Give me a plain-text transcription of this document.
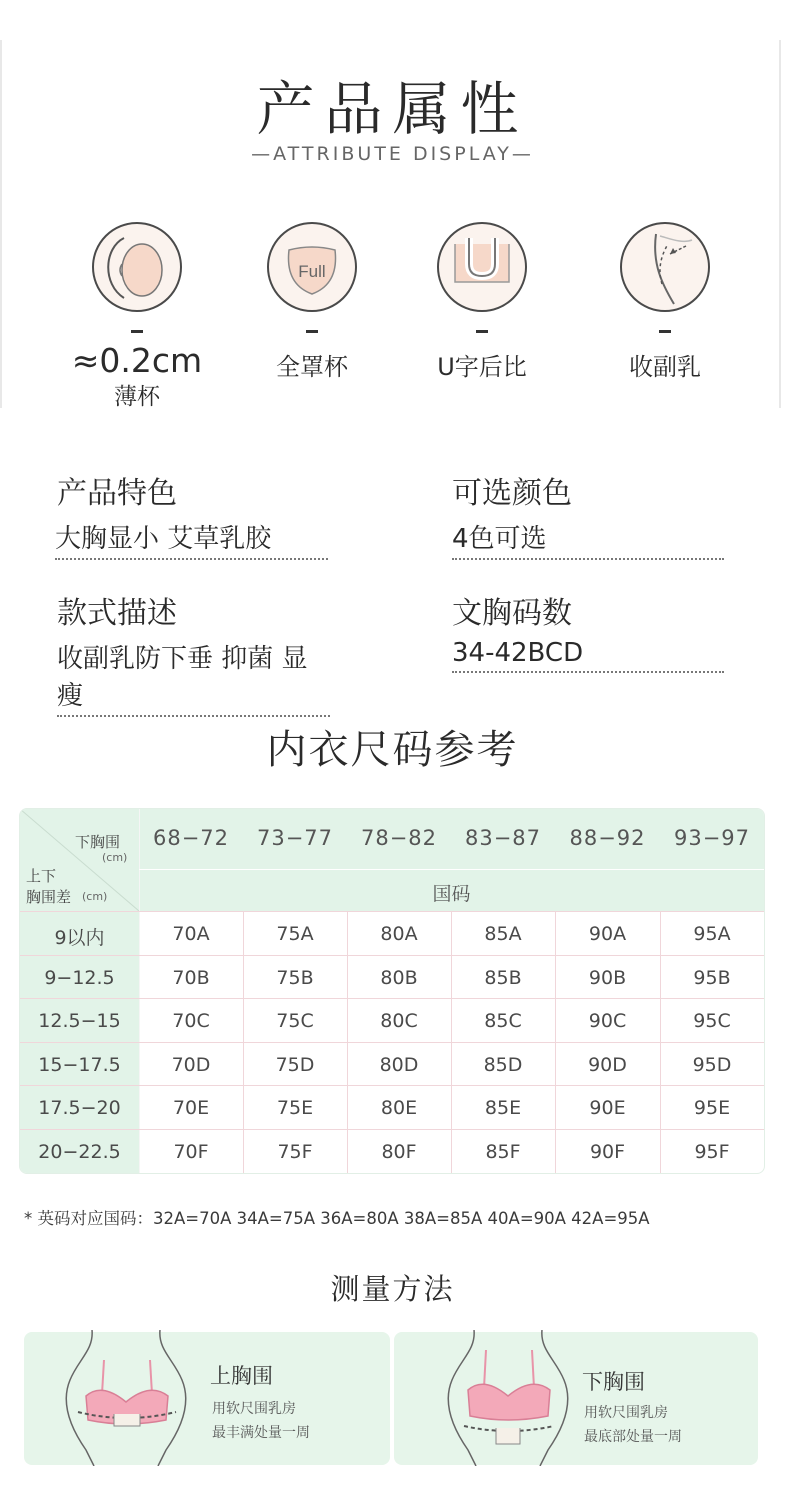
产品属性
—ATTRIBUTE DISPLAY—
≈0.2cm
薄杯
Full
全罩杯	U字后比	收副乳
产品特色
大胸显小 艾草乳胶
可选颜色
4色可选
款式描述
收副乳防下垂 抑菌 显瘦
文胸码数
34-42BCD
内衣尺码参考
下胸围
(cm)
上下
胸围差 (cm)
68−72	73−77	78−82	83−87	88−92	93−97
国码
9以内	70A	75A	80A	85A	90A	95A
9−12.5	70B	75B	80B	85B	90B	95B
12.5−15	70C	75C	80C	85C	90C	95C
15−17.5	70D	75D	80D	85D	90D	95D
17.5−20	70E	75E	80E	85E	90E	95E
20−22.5	70F	75F	80F	85F	90F	95F
* 英码对应国码：32A=70A 34A=75A 36A=80A 38A=85A 40A=90A 42A=95A
测量方法
上胸围
用软尺围乳房
最丰满处量一周
下胸围
用软尺围乳房
最底部处量一周
